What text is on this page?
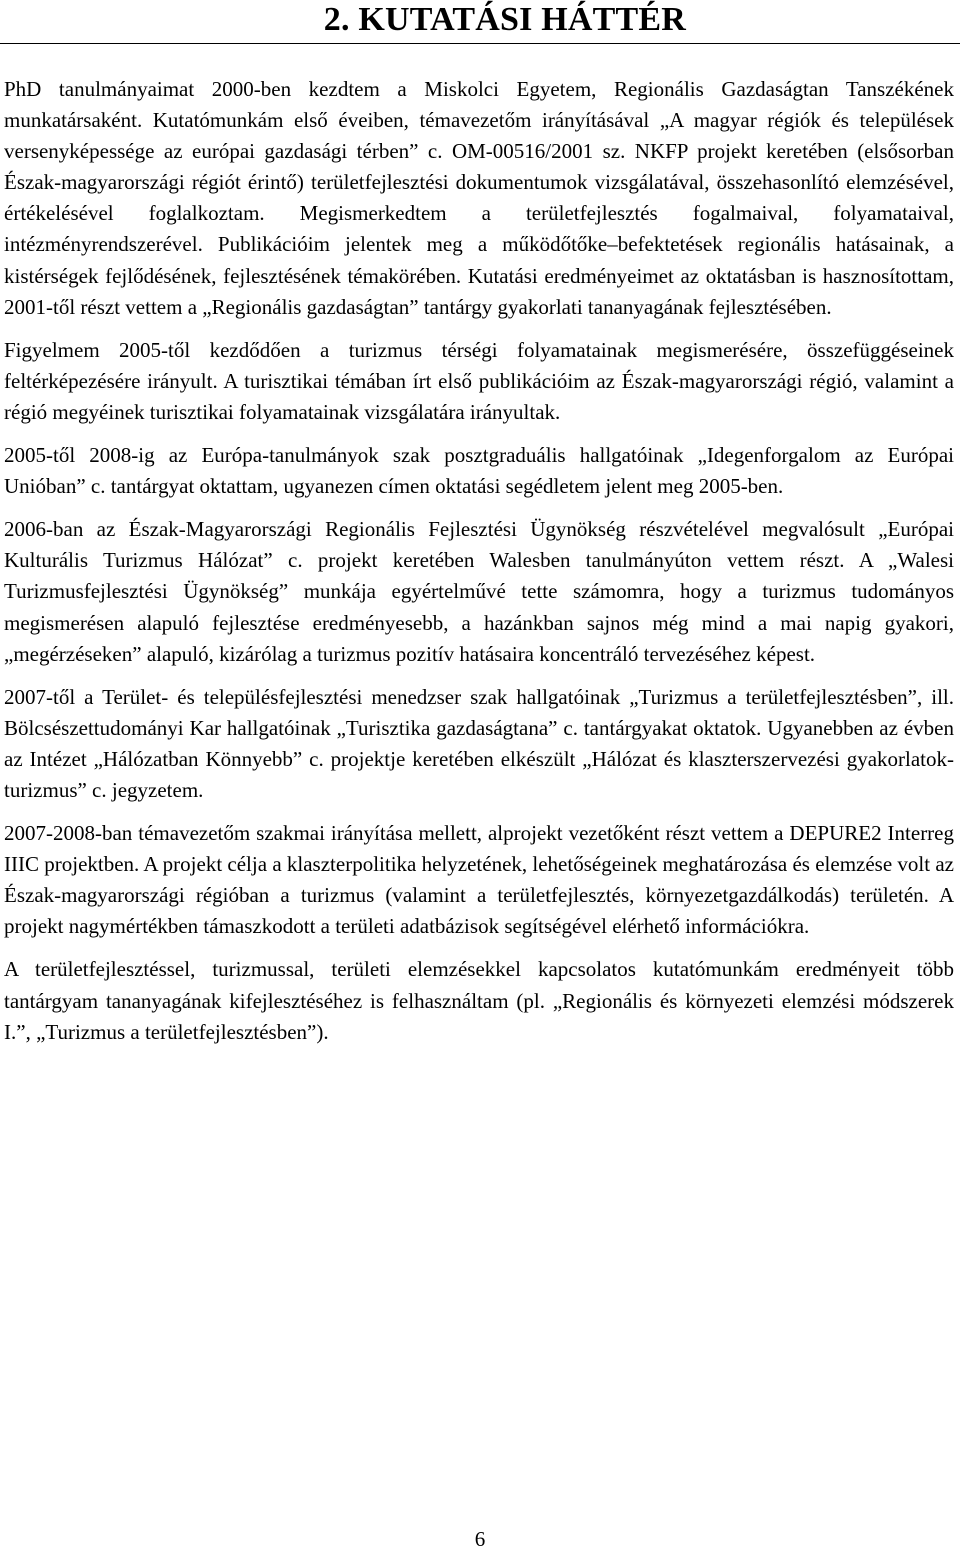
2. KUTATÁSI HÁTTÉR

PhD tanulmányaimat 2000-ben kezdtem a Miskolci Egyetem, Regionális Gazdaságtan Tanszékének munkatársaként. Kutatómunkám első éveiben, témavezetőm irányításával „A magyar régiók és települések versenyképessége az európai gazdasági térben” c. OM-00516/2001 sz. NKFP projekt keretében (elsősorban Észak-magyarországi régiót érintő) területfejlesztési dokumentumok vizsgálatával, összehasonlító elemzésével, értékelésével foglalkoztam. Megismerkedtem a területfejlesztés fogalmaival, folyamataival, intézményrendszerével. Publikációim jelentek meg a működőtőke–befektetések regionális hatásainak, a kistérségek fejlődésének, fejlesztésének témakörében. Kutatási eredményeimet az oktatásban is hasznosítottam, 2001-től részt vettem a „Regionális gazdaságtan” tantárgy gyakorlati tananyagának fejlesztésében.

Figyelmem 2005-től kezdődően a turizmus térségi folyamatainak megismerésére, összefüggéseinek feltérképezésére irányult. A turisztikai témában írt első publikációim az Észak-magyarországi régió, valamint a régió megyéinek turisztikai folyamatainak vizsgálatára irányultak.

2005-től 2008-ig az Európa-tanulmányok szak posztgraduális hallgatóinak „Idegenforgalom az Európai Unióban” c. tantárgyat oktattam, ugyanezen címen oktatási segédletem jelent meg 2005-ben.

2006-ban az Észak-Magyarországi Regionális Fejlesztési Ügynökség részvételével megvalósult „Európai Kulturális Turizmus Hálózat” c. projekt keretében Walesben tanulmányúton vettem részt. A „Walesi Turizmusfejlesztési Ügynökség” munkája egyértelművé tette számomra, hogy a turizmus tudományos megismerésen alapuló fejlesztése eredményesebb, a hazánkban sajnos még mind a mai napig gyakori, „megérzéseken” alapuló, kizárólag a turizmus pozitív hatásaira koncentráló tervezéséhez képest.

2007-től a Terület- és településfejlesztési menedzser szak hallgatóinak „Turizmus a területfejlesztésben”, ill. Bölcsészettudományi Kar hallgatóinak „Turisztika gazdaságtana” c. tantárgyakat oktatok. Ugyanebben az évben az Intézet „Hálózatban Könnyebb” c. projektje keretében elkészült „Hálózat és klaszterszervezési gyakorlatok-turizmus” c. jegyzetem.

2007-2008-ban témavezetőm szakmai irányítása mellett, alprojekt vezetőként részt vettem a DEPURE2 Interreg IIIC projektben. A projekt célja a klaszterpolitika helyzetének, lehetőségeinek meghatározása és elemzése volt az Észak-magyarországi régióban a turizmus (valamint a területfejlesztés, környezetgazdálkodás) területén. A projekt nagymértékben támaszkodott a területi adatbázisok segítségével elérhető információkra.

A területfejlesztéssel, turizmussal, területi elemzésekkel kapcsolatos kutatómunkám eredményeit több tantárgyam tananyagának kifejlesztéséhez is felhasználtam (pl. „Regionális és környezeti elemzési módszerek I.”, „Turizmus a területfejlesztésben”).

6
